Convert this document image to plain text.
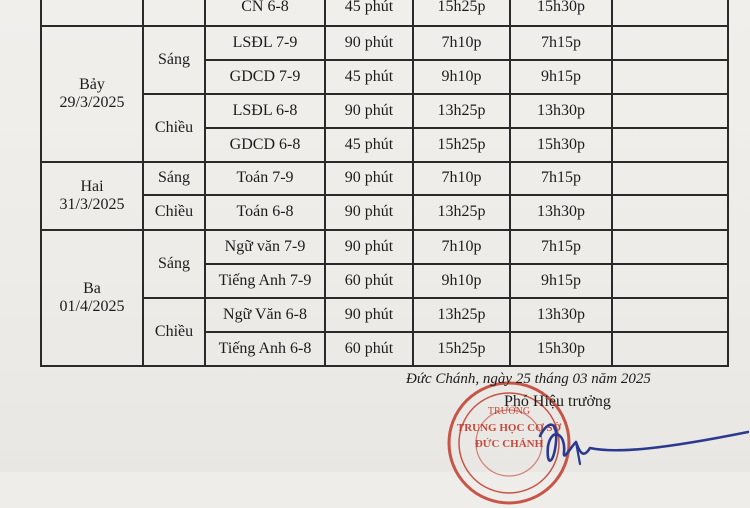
		CN 6-8	45 phút	15h25p	15h30p	

Bảy
29/3/2025	Sáng	LSĐL 7-9	90 phút	7h10p	7h15p	
		GDCD 7-9	45 phút	9h10p	9h15p	
	Chiều	LSĐL 6-8	90 phút	13h25p	13h30p	
		GDCD 6-8	45 phút	15h25p	15h30p	

Hai
31/3/2025	Sáng	Toán 7-9	90 phút	7h10p	7h15p	
	Chiều	Toán 6-8	90 phút	13h25p	13h30p	

Ba
01/4/2025	Sáng	Ngữ văn 7-9	90 phút	7h10p	7h15p	
		Tiếng Anh 7-9	60 phút	9h10p	9h15p	
	Chiều	Ngữ Văn 6-8	90 phút	13h25p	13h30p	
		Tiếng Anh 6-8	60 phút	15h25p	15h30p	
TRƯỜNG
TRUNG HỌC CƠ SỞ
ĐỨC CHÁNH
Đức Chánh, ngày 25 tháng 03 năm 2025
Phó Hiệu trưởng
